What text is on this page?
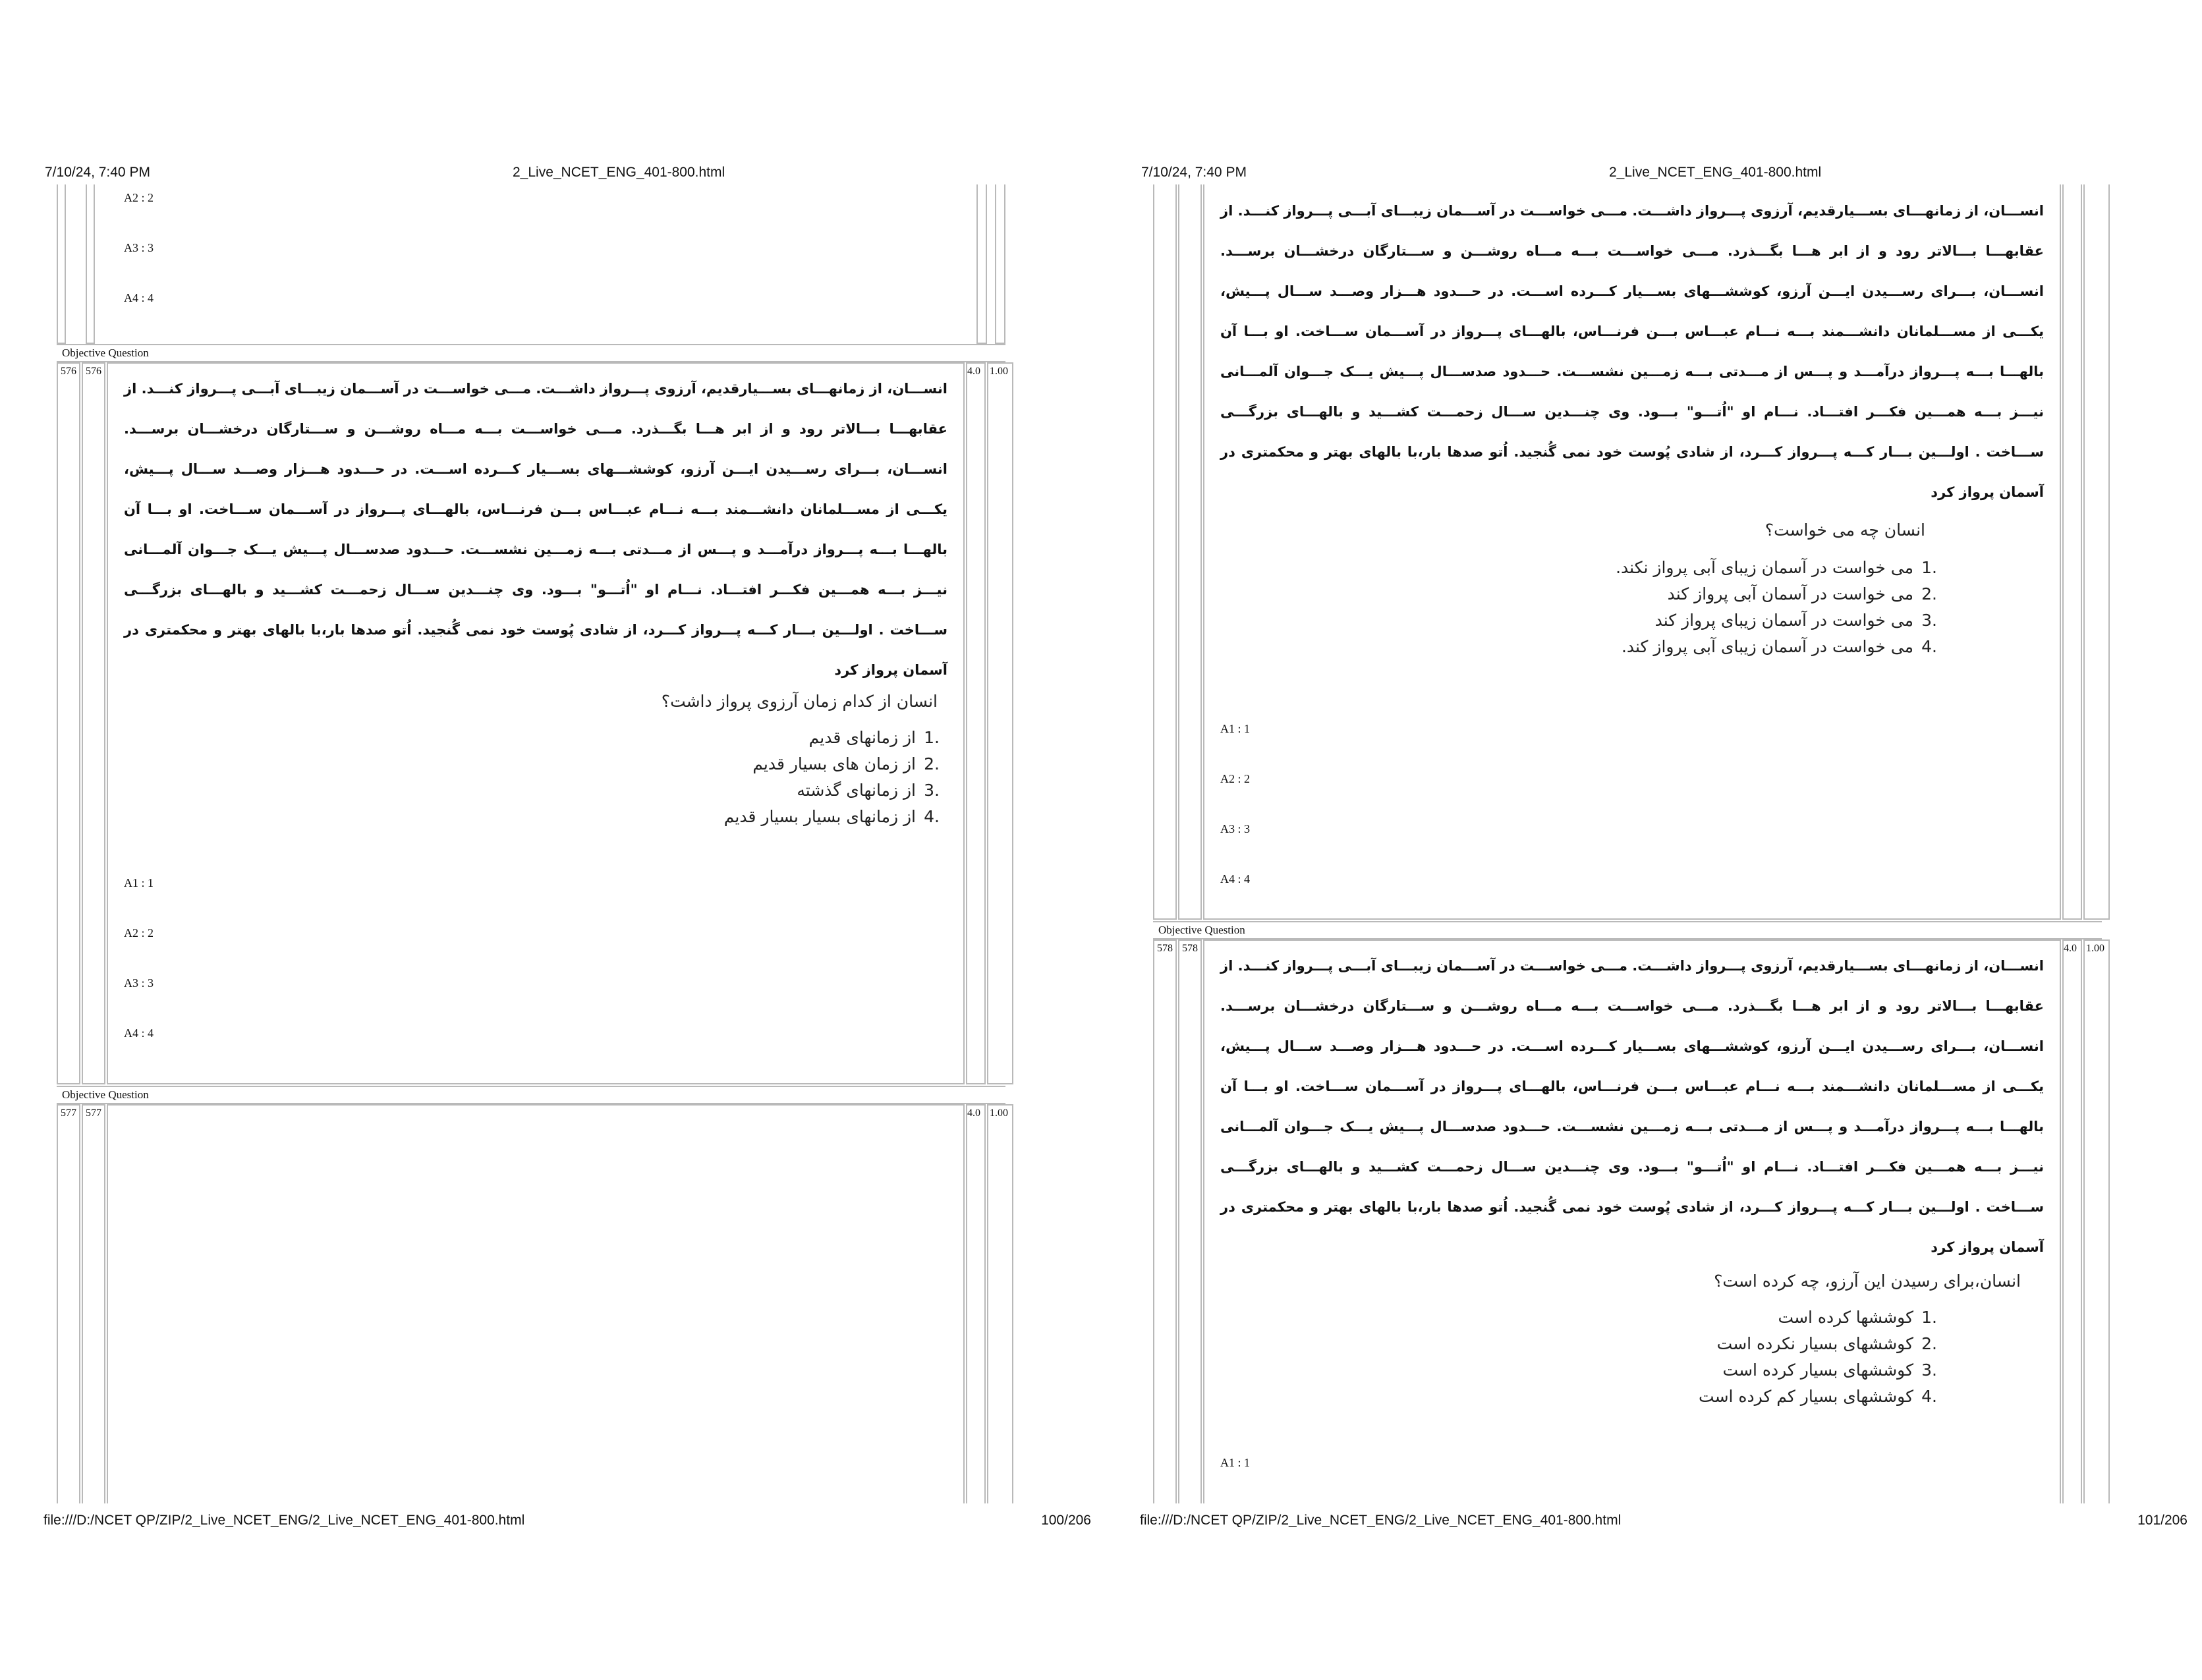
7/10/24, 7:40 PM	2_Live_NCET_ENG_401-800.html
A2 : 2
A3 : 3
A4 : 4
Objective Question
576 576	4.0 1.00
انســـان، از زمانهـــای بســـیارقدیم، آرزوی پـــرواز داشـــت. مـــی خواســـت در آســـمان زیبـــای آبـــی پـــرواز کنـــد. از عقابهـــا بـــالاتر رود و از ابر هـــا بگـــذرد. مـــی خواســـت بـــه مـــاه روشـــن و ســـتارگان درخشـــان برســـد. انســـان، بـــرای رســـیدن ایـــن آرزو، کوششـــهای بســـیار کـــرده اســـت. در حـــدود هـــزار وصـــد ســـال پـــیش، یکـــی از مســـلمانان دانشـــمند بـــه نـــام عبـــاس بـــن فرنـــاس، بالهـــای پـــرواز در آســـمان ســـاخت. او بـــا آن بالهـــا بـــه پـــرواز درآمـــد و پـــس از مـــدتی بـــه زمـــین نشســـت. حـــدود صدســـال پـــیش یـــک جـــوان آلمـــانی نیـــز بـــه همـــین فکـــر افتـــاد. نـــام او "اُتـــو" بـــود. وی چنـــدین ســـال زحمـــت کشـــید و بالهـــای بزرگـــی ســـاخت . اولـــین بـــار کـــه پـــرواز کـــرد، از شادی پُوست خود نمی گُنجید. اُتو صدها بار،با بالهای بهتر و محکمتری در آسمان پرواز کرد
انسان از کدام زمان آرزوی پرواز داشت؟
1.از زمانهای قدیم
2.از زمان های بسیار قدیم
3.از زمانهای گذشته
4.از زمانهای بسیار بسیار قدیم
A1 : 1
A2 : 2
A3 : 3
A4 : 4
Objective Question
577 577	4.0 1.00
file:///D:/NCET QP/ZIP/2_Live_NCET_ENG/2_Live_NCET_ENG_401-800.html	100/206
7/10/24, 7:40 PM	2_Live_NCET_ENG_401-800.html
انســـان، از زمانهـــای بســـیارقدیم، آرزوی پـــرواز داشـــت. مـــی خواســـت در آســـمان زیبـــای آبـــی پـــرواز کنـــد. از عقابهـــا بـــالاتر رود و از ابر هـــا بگـــذرد. مـــی خواســـت بـــه مـــاه روشـــن و ســـتارگان درخشـــان برســـد. انســـان، بـــرای رســـیدن ایـــن آرزو، کوششـــهای بســـیار کـــرده اســـت. در حـــدود هـــزار وصـــد ســـال پـــیش، یکـــی از مســـلمانان دانشـــمند بـــه نـــام عبـــاس بـــن فرنـــاس، بالهـــای پـــرواز در آســـمان ســـاخت. او بـــا آن بالهـــا بـــه پـــرواز درآمـــد و پـــس از مـــدتی بـــه زمـــین نشســـت. حـــدود صدســـال پـــیش یـــک جـــوان آلمـــانی نیـــز بـــه همـــین فکـــر افتـــاد. نـــام او "اُتـــو" بـــود. وی چنـــدین ســـال زحمـــت کشـــید و بالهـــای بزرگـــی ســـاخت . اولـــین بـــار کـــه پـــرواز کـــرد، از شادی پُوست خود نمی گُنجید. اُتو صدها بار،با بالهای بهتر و محکمتری در آسمان پرواز کرد
انسان چه می خواست؟
1.می خواست در آسمان زیبای آبی پرواز نکند.
2.می خواست در آسمان آبی پرواز کند
3.می خواست در آسمان زیبای پرواز کند
4.می خواست در آسمان زیبای آبی پرواز کند.
A1 : 1
A2 : 2
A3 : 3
A4 : 4
Objective Question
578 578	4.0 1.00
انســـان، از زمانهـــای بســـیارقدیم، آرزوی پـــرواز داشـــت. مـــی خواســـت در آســـمان زیبـــای آبـــی پـــرواز کنـــد. از عقابهـــا بـــالاتر رود و از ابر هـــا بگـــذرد. مـــی خواســـت بـــه مـــاه روشـــن و ســـتارگان درخشـــان برســـد. انســـان، بـــرای رســـیدن ایـــن آرزو، کوششـــهای بســـیار کـــرده اســـت. در حـــدود هـــزار وصـــد ســـال پـــیش، یکـــی از مســـلمانان دانشـــمند بـــه نـــام عبـــاس بـــن فرنـــاس، بالهـــای پـــرواز در آســـمان ســـاخت. او بـــا آن بالهـــا بـــه پـــرواز درآمـــد و پـــس از مـــدتی بـــه زمـــین نشســـت. حـــدود صدســـال پـــیش یـــک جـــوان آلمـــانی نیـــز بـــه همـــین فکـــر افتـــاد. نـــام او "اُتـــو" بـــود. وی چنـــدین ســـال زحمـــت کشـــید و بالهـــای بزرگـــی ســـاخت . اولـــین بـــار کـــه پـــرواز کـــرد، از شادی پُوست خود نمی گُنجید. اُتو صدها بار،با بالهای بهتر و محکمتری در آسمان پرواز کرد
انسان،برای رسیدن این آرزو، چه کرده است؟
1.کوششها کرده است
2.کوششهای بسیار نکرده است
3.کوششهای بسیار کرده است
4.کوششهای بسیار کم کرده است
A1 : 1
file:///D:/NCET QP/ZIP/2_Live_NCET_ENG/2_Live_NCET_ENG_401-800.html	101/206
